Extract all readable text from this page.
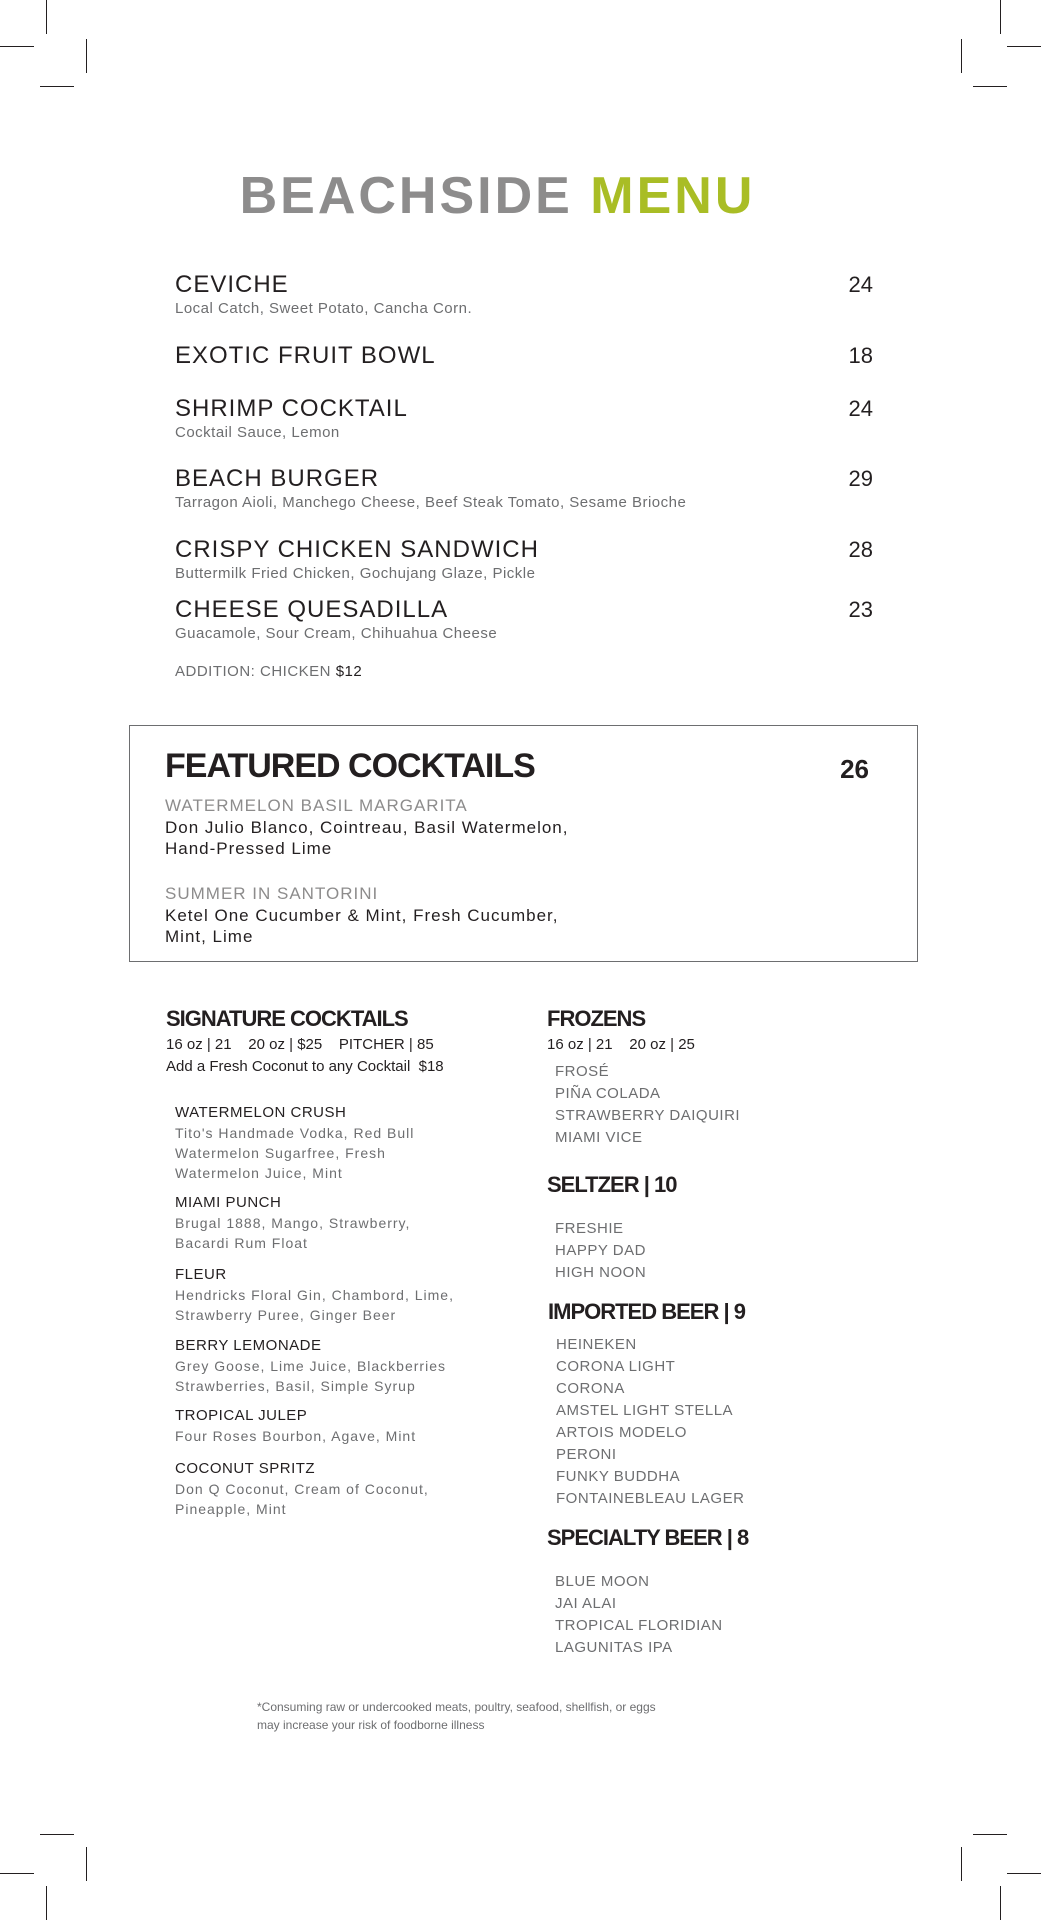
BEACHSIDE MENU
CEVICHE
Local Catch, Sweet Potato, Cancha Corn.
24
EXOTIC FRUIT BOWL	18
SHRIMP COCKTAIL
Cocktail Sauce, Lemon
24
BEACH BURGER
Tarragon Aioli, Manchego Cheese, Beef Steak Tomato, Sesame Brioche
29
CRISPY CHICKEN SANDWICH
Buttermilk Fried Chicken, Gochujang Glaze, Pickle
28
CHEESE QUESADILLA
Guacamole, Sour Cream, Chihuahua Cheese
23
ADDITION: CHICKEN $12
FEATURED COCKTAILS	26
WATERMELON BASIL MARGARITA
Don Julio Blanco, Cointreau, Basil Watermelon,
Hand-Pressed Lime
SUMMER IN SANTORINI
Ketel One Cucumber & Mint, Fresh Cucumber,
Mint, Lime
SIGNATURE COCKTAILS
16 oz | 21    20 oz | $25    PITCHER | 85
Add a Fresh Coconut to any Cocktail  $18
WATERMELON CRUSH
Tito's Handmade Vodka, Red Bull
Watermelon Sugarfree, Fresh
Watermelon Juice, Mint
MIAMI PUNCH
Brugal 1888, Mango, Strawberry,
Bacardi Rum Float
FLEUR
Hendricks Floral Gin, Chambord, Lime,
Strawberry Puree, Ginger Beer
BERRY LEMONADE
Grey Goose, Lime Juice, Blackberries
Strawberries, Basil, Simple Syrup
TROPICAL JULEP
Four Roses Bourbon, Agave, Mint
COCONUT SPRITZ
Don Q Coconut, Cream of Coconut,
Pineapple, Mint
FROZENS
16 oz | 21    20 oz | 25
FROSÉ
PIÑA COLADA
STRAWBERRY DAIQUIRI
MIAMI VICE
SELTZER | 10
FRESHIE
HAPPY DAD
HIGH NOON
IMPORTED BEER | 9
HEINEKEN
CORONA LIGHT
CORONA
AMSTEL LIGHT STELLA
ARTOIS MODELO
PERONI
FUNKY BUDDHA
FONTAINEBLEAU LAGER
SPECIALTY BEER | 8
BLUE MOON
JAI ALAI
TROPICAL FLORIDIAN
LAGUNITAS IPA
*Consuming raw or undercooked meats, poultry, seafood, shellfish, or eggs
may increase your risk of foodborne illness
